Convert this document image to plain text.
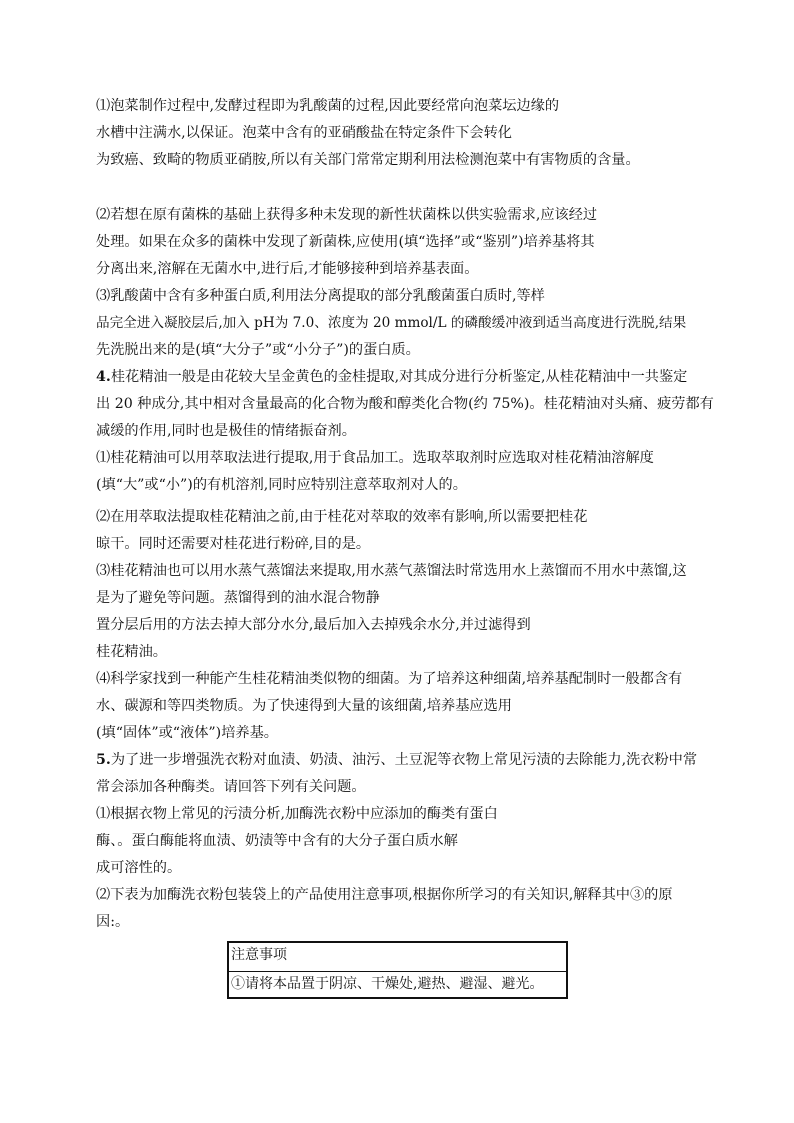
⑴泡菜制作过程中,发酵过程即为乳酸菌的过程,因此要经常向泡菜坛边缘的
水槽中注满水,以保证。泡菜中含有的亚硝酸盐在特定条件下会转化
为致癌、致畸的物质亚硝胺,所以有关部门常常定期利用法检测泡菜中有害物质的含量。
⑵若想在原有菌株的基础上获得多种未发现的新性状菌株以供实验需求,应该经过
处理。如果在众多的菌株中发现了新菌株,应使用(填“选择”或“鉴别”)培养基将其
分离出来,溶解在无菌水中,进行后,才能够接种到培养基表面。
⑶乳酸菌中含有多种蛋白质,利用法分离提取的部分乳酸菌蛋白质时,等样
品完全进入凝胶层后,加入 pH为 7.0、浓度为 20 mmol/L 的磷酸缓冲液到适当高度进行洗脱,结果
先洗脱出来的是(填“大分子”或“小分子”)的蛋白质。
4.桂花精油一般是由花较大呈金黄色的金桂提取,对其成分进行分析鉴定,从桂花精油中一共鉴定
出 20 种成分,其中相对含量最高的化合物为酸和醇类化合物(约 75%)。桂花精油对头痛、疲劳都有
减缓的作用,同时也是极佳的情绪振奋剂。
⑴桂花精油可以用萃取法进行提取,用于食品加工。选取萃取剂时应选取对桂花精油溶解度
(填“大”或“小”)的有机溶剂,同时应特别注意萃取剂对人的。
⑵在用萃取法提取桂花精油之前,由于桂花对萃取的效率有影响,所以需要把桂花
晾干。同时还需要对桂花进行粉碎,目的是。
⑶桂花精油也可以用水蒸气蒸馏法来提取,用水蒸气蒸馏法时常选用水上蒸馏而不用水中蒸馏,这
是为了避免等问题。蒸馏得到的油水混合物静
置分层后用的方法去掉大部分水分,最后加入去掉残余水分,并过滤得到
桂花精油。
⑷科学家找到一种能产生桂花精油类似物的细菌。为了培养这种细菌,培养基配制时一般都含有
水、碳源和等四类物质。为了快速得到大量的该细菌,培养基应选用
(填“固体”或“液体”)培养基。
5.为了进一步增强洗衣粉对血渍、奶渍、油污、土豆泥等衣物上常见污渍的去除能力,洗衣粉中常
常会添加各种酶类。请回答下列有关问题。
⑴根据衣物上常见的污渍分析,加酶洗衣粉中应添加的酶类有蛋白
酶、。蛋白酶能将血渍、奶渍等中含有的大分子蛋白质水解
成可溶性的。
⑵下表为加酶洗衣粉包装袋上的产品使用注意事项,根据你所学习的有关知识,解释其中③的原
因:。
注意事项
①请将本品置于阴凉、干燥处,避热、避湿、避光。
